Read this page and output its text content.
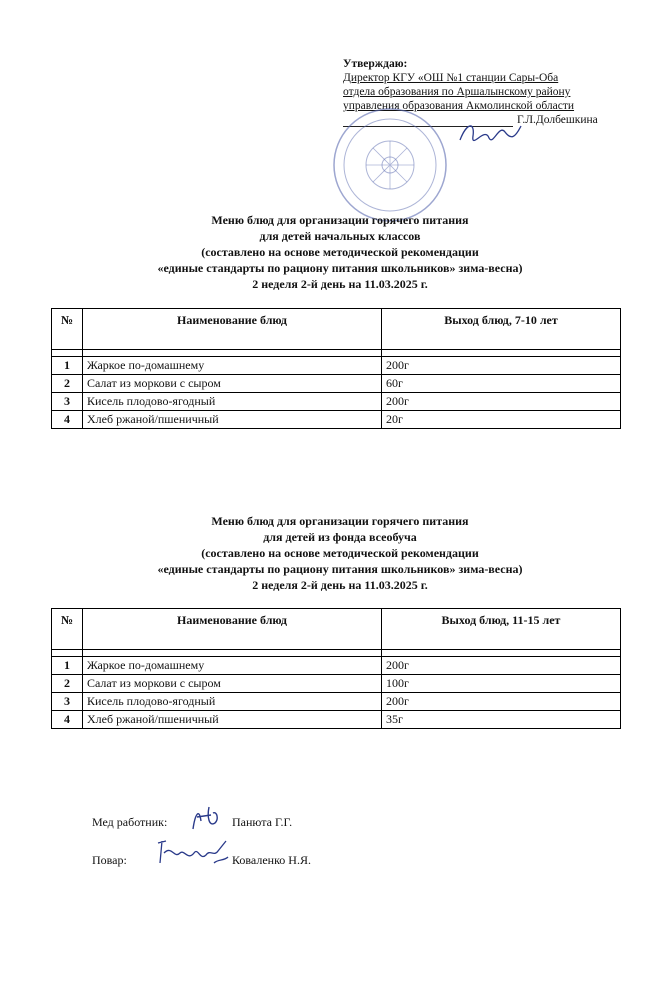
Утверждаю:
Директор КГУ «ОШ №1 станции Сары-Оба
отдела образования по Аршалынскому району
управления образования Акмолинской области
Г.Л.Долбешкина
Меню блюд для организации горячего питания
для детей начальных классов
(составлено на основе методической рекомендации
«единые стандарты по рациону питания школьников» зима-весна)
2 неделя 2-й день на 11.03.2025 г.
№	Наименование блюд	Выход блюд, 7-10 лет

1	Жаркое по-домашнему	200г
2	Салат из моркови с сыром	60г
3	Кисель плодово-ягодный	200г
4	Хлеб ржаной/пшеничный	20г
Меню блюд для организации горячего питания
для детей из фонда всеобуча
(составлено на основе методической рекомендации
«единые стандарты по рациону питания школьников» зима-весна)
2 неделя 2-й день на 11.03.2025 г.
№	Наименование блюд	Выход блюд, 11-15 лет

1	Жаркое по-домашнему	200г
2	Салат из моркови с сыром	100г
3	Кисель плодово-ягодный	200г
4	Хлеб ржаной/пшеничный	35г
Мед работник:	Панюта Г.Г.
Повар:	Коваленко Н.Я.
